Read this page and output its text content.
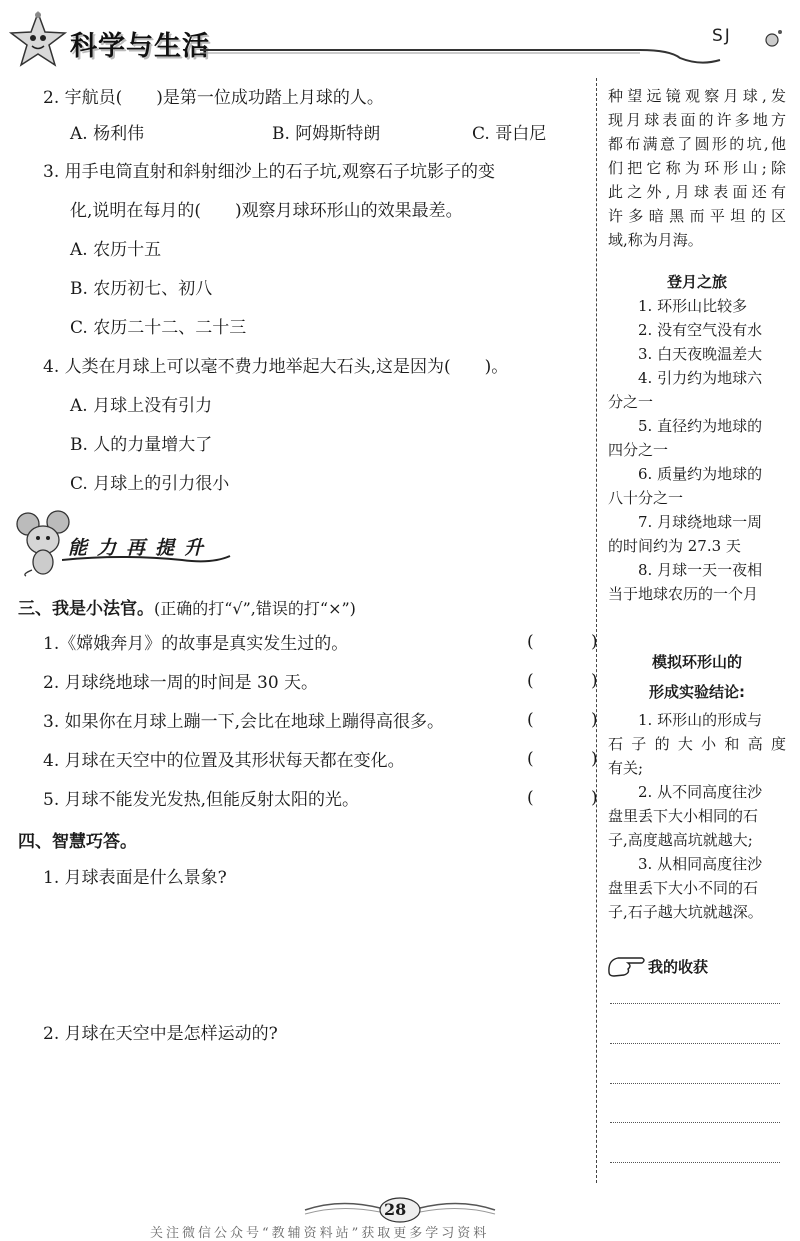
科学与生活	SJ
2. 宇航员(　　)是第一位成功踏上月球的人。
A. 杨利伟	B. 阿姆斯特朗	C. 哥白尼
3. 用手电筒直射和斜射细沙上的石子坑,观察石子坑影子的变
化,说明在每月的(　　)观察月球环形山的效果最差。
A. 农历十五
B. 农历初七、初八
C. 农历二十二、二十三
4. 人类在月球上可以毫不费力地举起大石头,这是因为(　　)。
A. 月球上没有引力
B. 人的力量增大了
C. 月球上的引力很小
能力再提升
三、我是小法官。(正确的打“√”,错误的打“×”)
1.《嫦娥奔月》的故事是真实发生过的。	( )
2. 月球绕地球一周的时间是 30 天。	( )
3. 如果你在月球上蹦一下,会比在地球上蹦得高很多。	( )
4. 月球在天空中的位置及其形状每天都在变化。	( )
5. 月球不能发光发热,但能反射太阳的光。	( )
四、智慧巧答。
1. 月球表面是什么景象?
2. 月球在天空中是怎样运动的?

种望远镜观察月球,发

现月球表面的许多地方

都布满意了圆形的坑,他

们把它称为环形山;除

此之外,月球表面还有

许多暗黑而平坦的区

域,称为月海。

登月之旅

1. 环形山比较多

2. 没有空气没有水

3. 白天夜晚温差大

4. 引力约为地球六

分之一

5. 直径约为地球的

四分之一

6. 质量约为地球的

八十分之一

7. 月球绕地球一周

的时间约为 27.3 天

8. 月球一天一夜相

当于地球农历的一个月

模拟环形山的

形成实验结论:

1. 环形山的形成与

石子的大小和高度

有关;

2. 从不同高度往沙

盘里丢下大小相同的石

子,高度越高坑就越大;

3. 从相同高度往沙

盘里丢下大小不同的石

子,石子越大坑就越深。

我的收获
28
关注微信公众号“教辅资料站”获取更多学习资料
